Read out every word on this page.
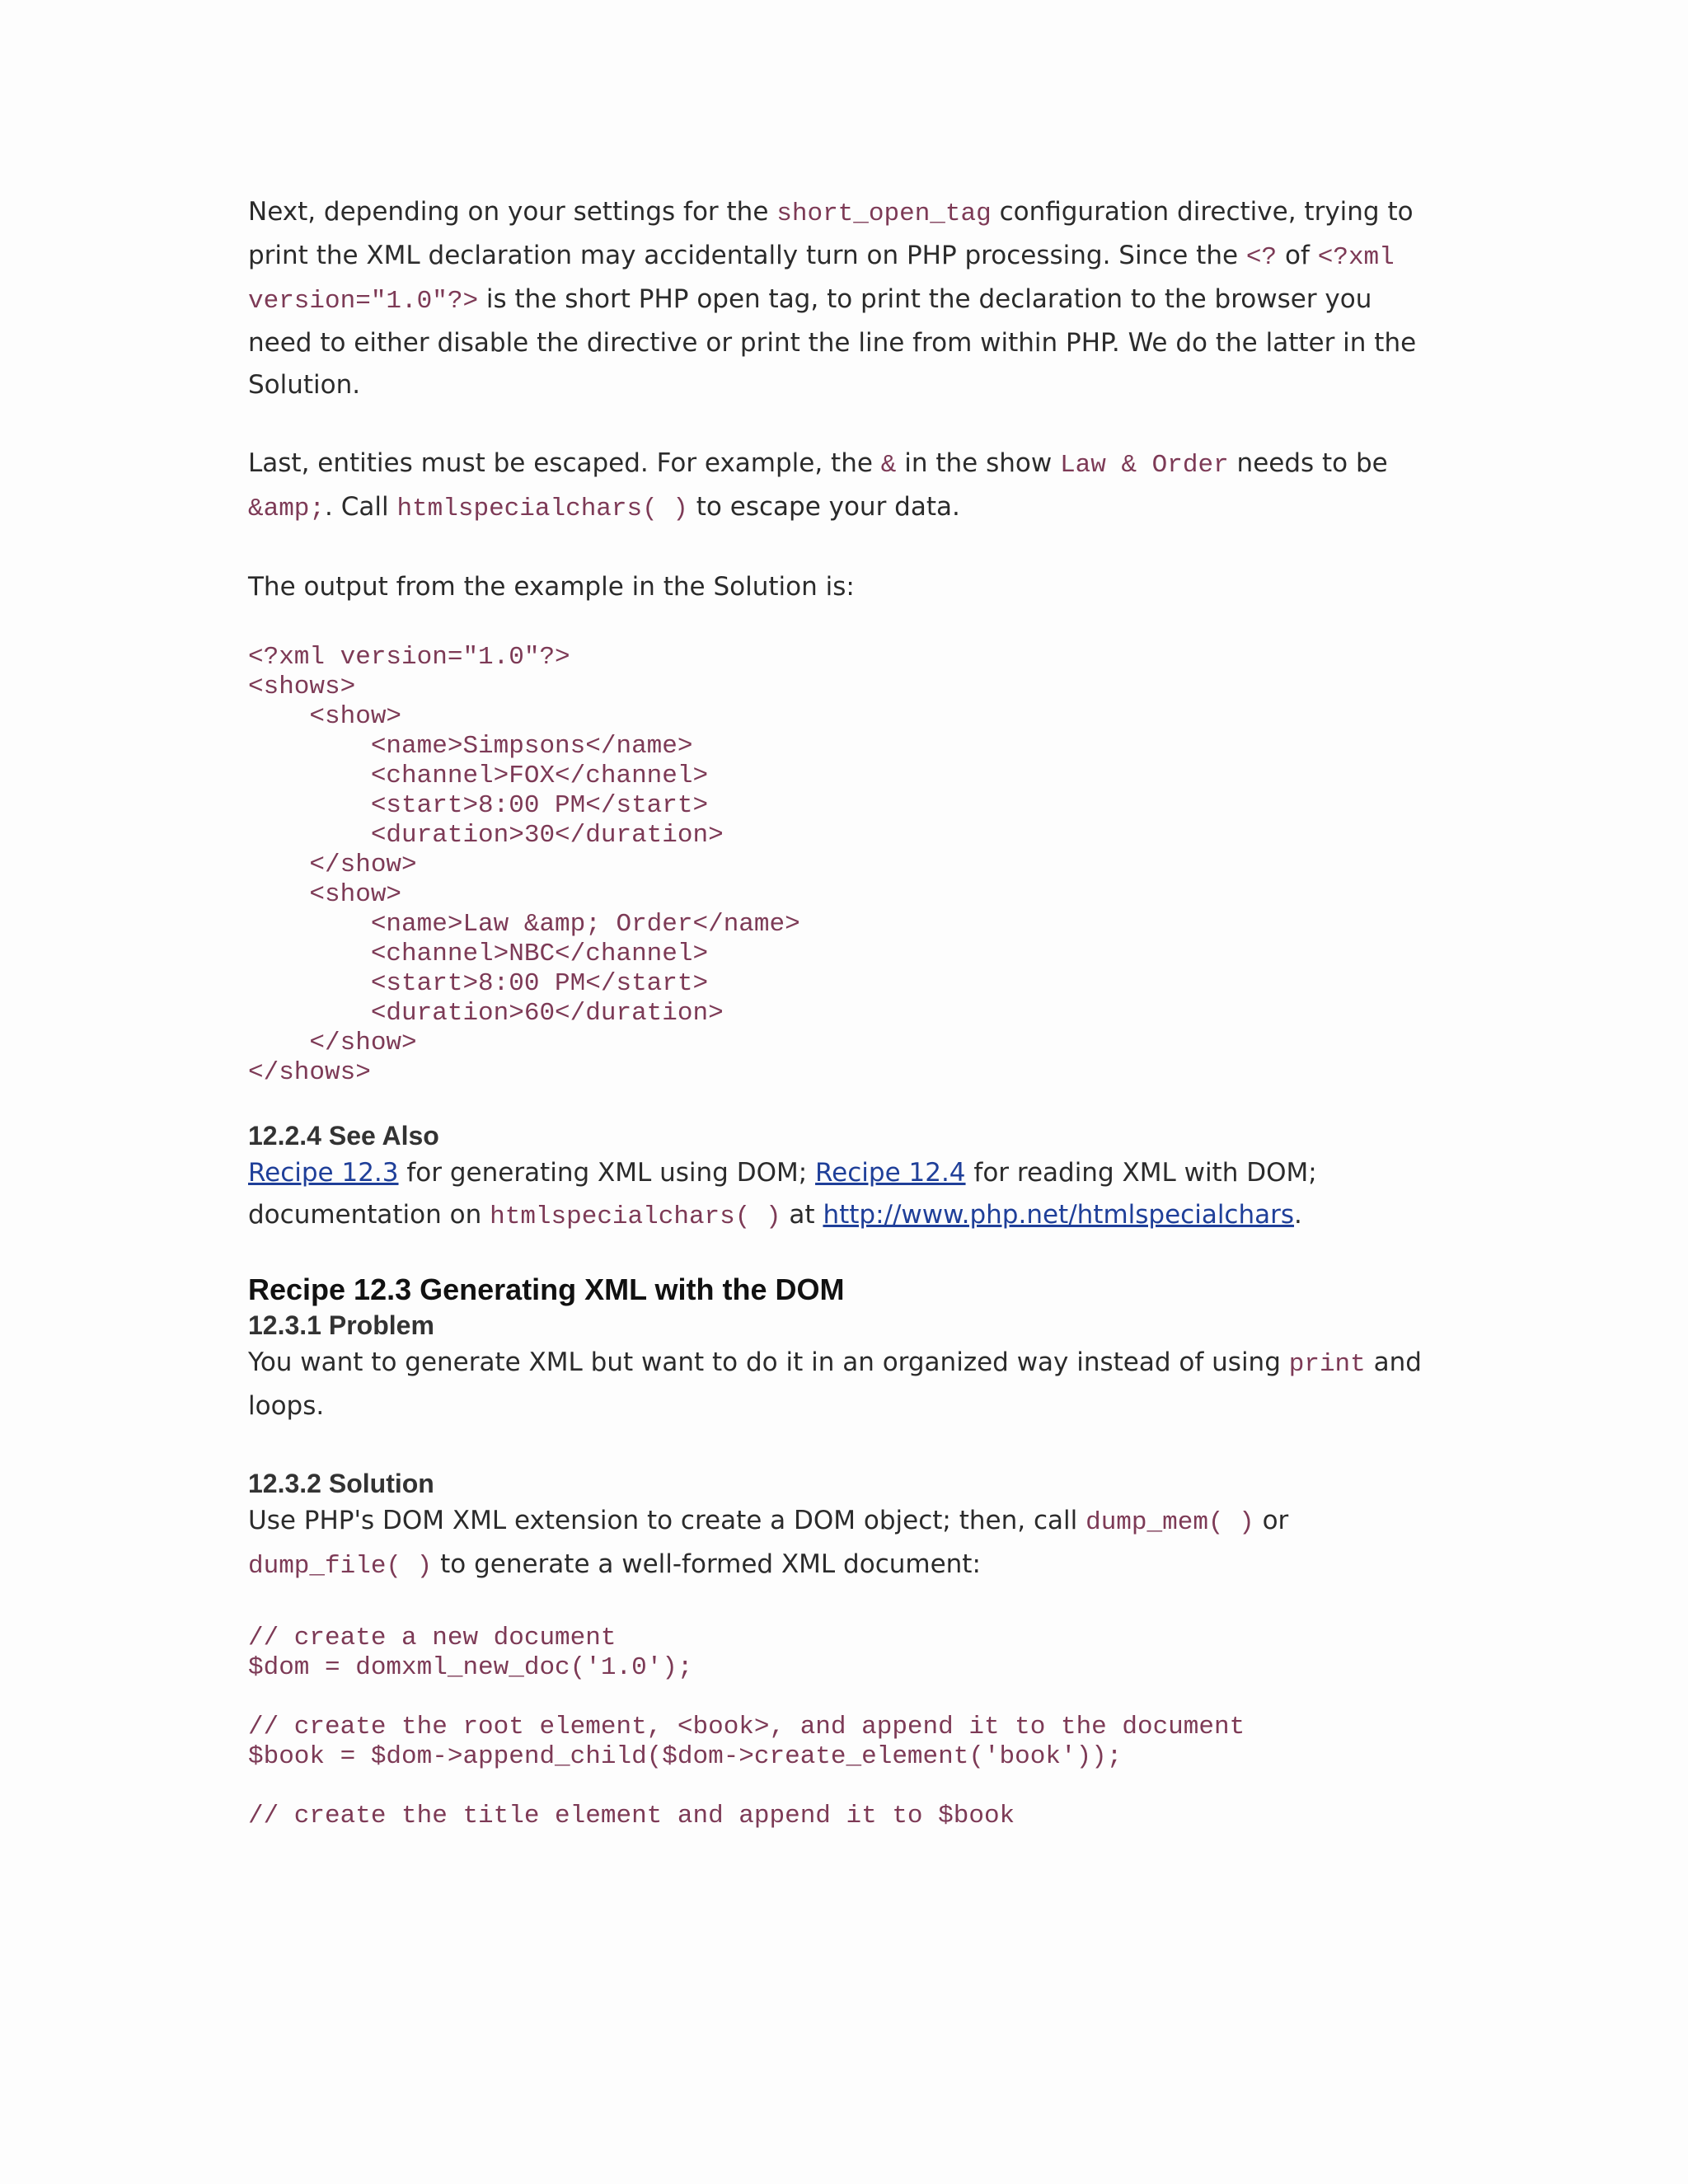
Next, depending on your settings for the short_open_tag configuration directive, trying to print the XML declaration may accidentally turn on PHP processing. Since the <? of <?xml version="1.0"?> is the short PHP open tag, to print the declaration to the browser you need to either disable the directive or print the line from within PHP. We do the latter in the Solution.

Last, entities must be escaped. For example, the & in the show Law & Order needs to be &amp;. Call htmlspecialchars( ) to escape your data.

The output from the example in the Solution is:

<?xml version="1.0"?>
<shows>
<show>
<name>Simpsons</name>
<channel>FOX</channel>
<start>8:00 PM</start>
<duration>30</duration>
</show>
<show>
<name>Law &amp; Order</name>
<channel>NBC</channel>
<start>8:00 PM</start>
<duration>60</duration>
</show>
</shows>
12.2.4 See Also

Recipe 12.3 for generating XML using DOM; Recipe 12.4 for reading XML with DOM; documentation on htmlspecialchars( ) at http://www.php.net/htmlspecialchars.

Recipe 12.3 Generating XML with the DOM
12.3.1 Problem

You want to generate XML but want to do it in an organized way instead of using print and loops.

12.3.2 Solution

Use PHP's DOM XML extension to create a DOM object; then, call dump_mem( ) or dump_file( ) to generate a well-formed XML document:

// create a new document
$dom = domxml_new_doc('1.0');
// create the root element, <book>, and append it to the document
$book = $dom->append_child($dom->create_element('book'));
// create the title element and append it to $book
